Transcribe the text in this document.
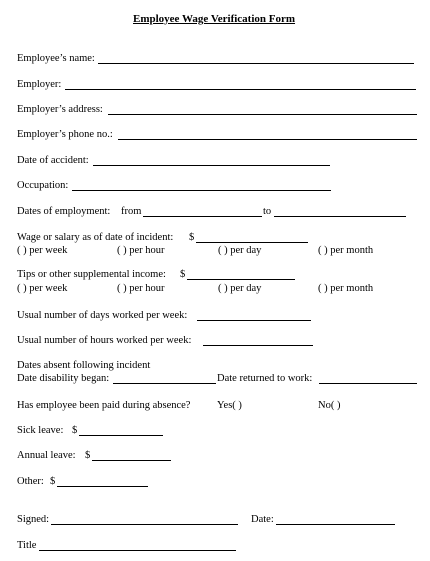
Employee Wage Verification Form
Employee’s name:
Employer:
Employer’s address:
Employer’s phone no.:
Date of accident:
Occupation:
Dates of employment: from	to
Wage or salary as of date of incident: $
( ) per week	( ) per hour	( ) per day	( ) per month
Tips or other supplemental income: $
( ) per week	( ) per hour	( ) per day	( ) per month
Usual number of days worked per week:
Usual number of hours worked per week:
Dates absent following incident
Date disability began:	Date returned to work:
Has employee been paid during absence?	Yes( )	No( )
Sick leave: $
Annual leave: $
Other: $
Signed:	Date:
Title
